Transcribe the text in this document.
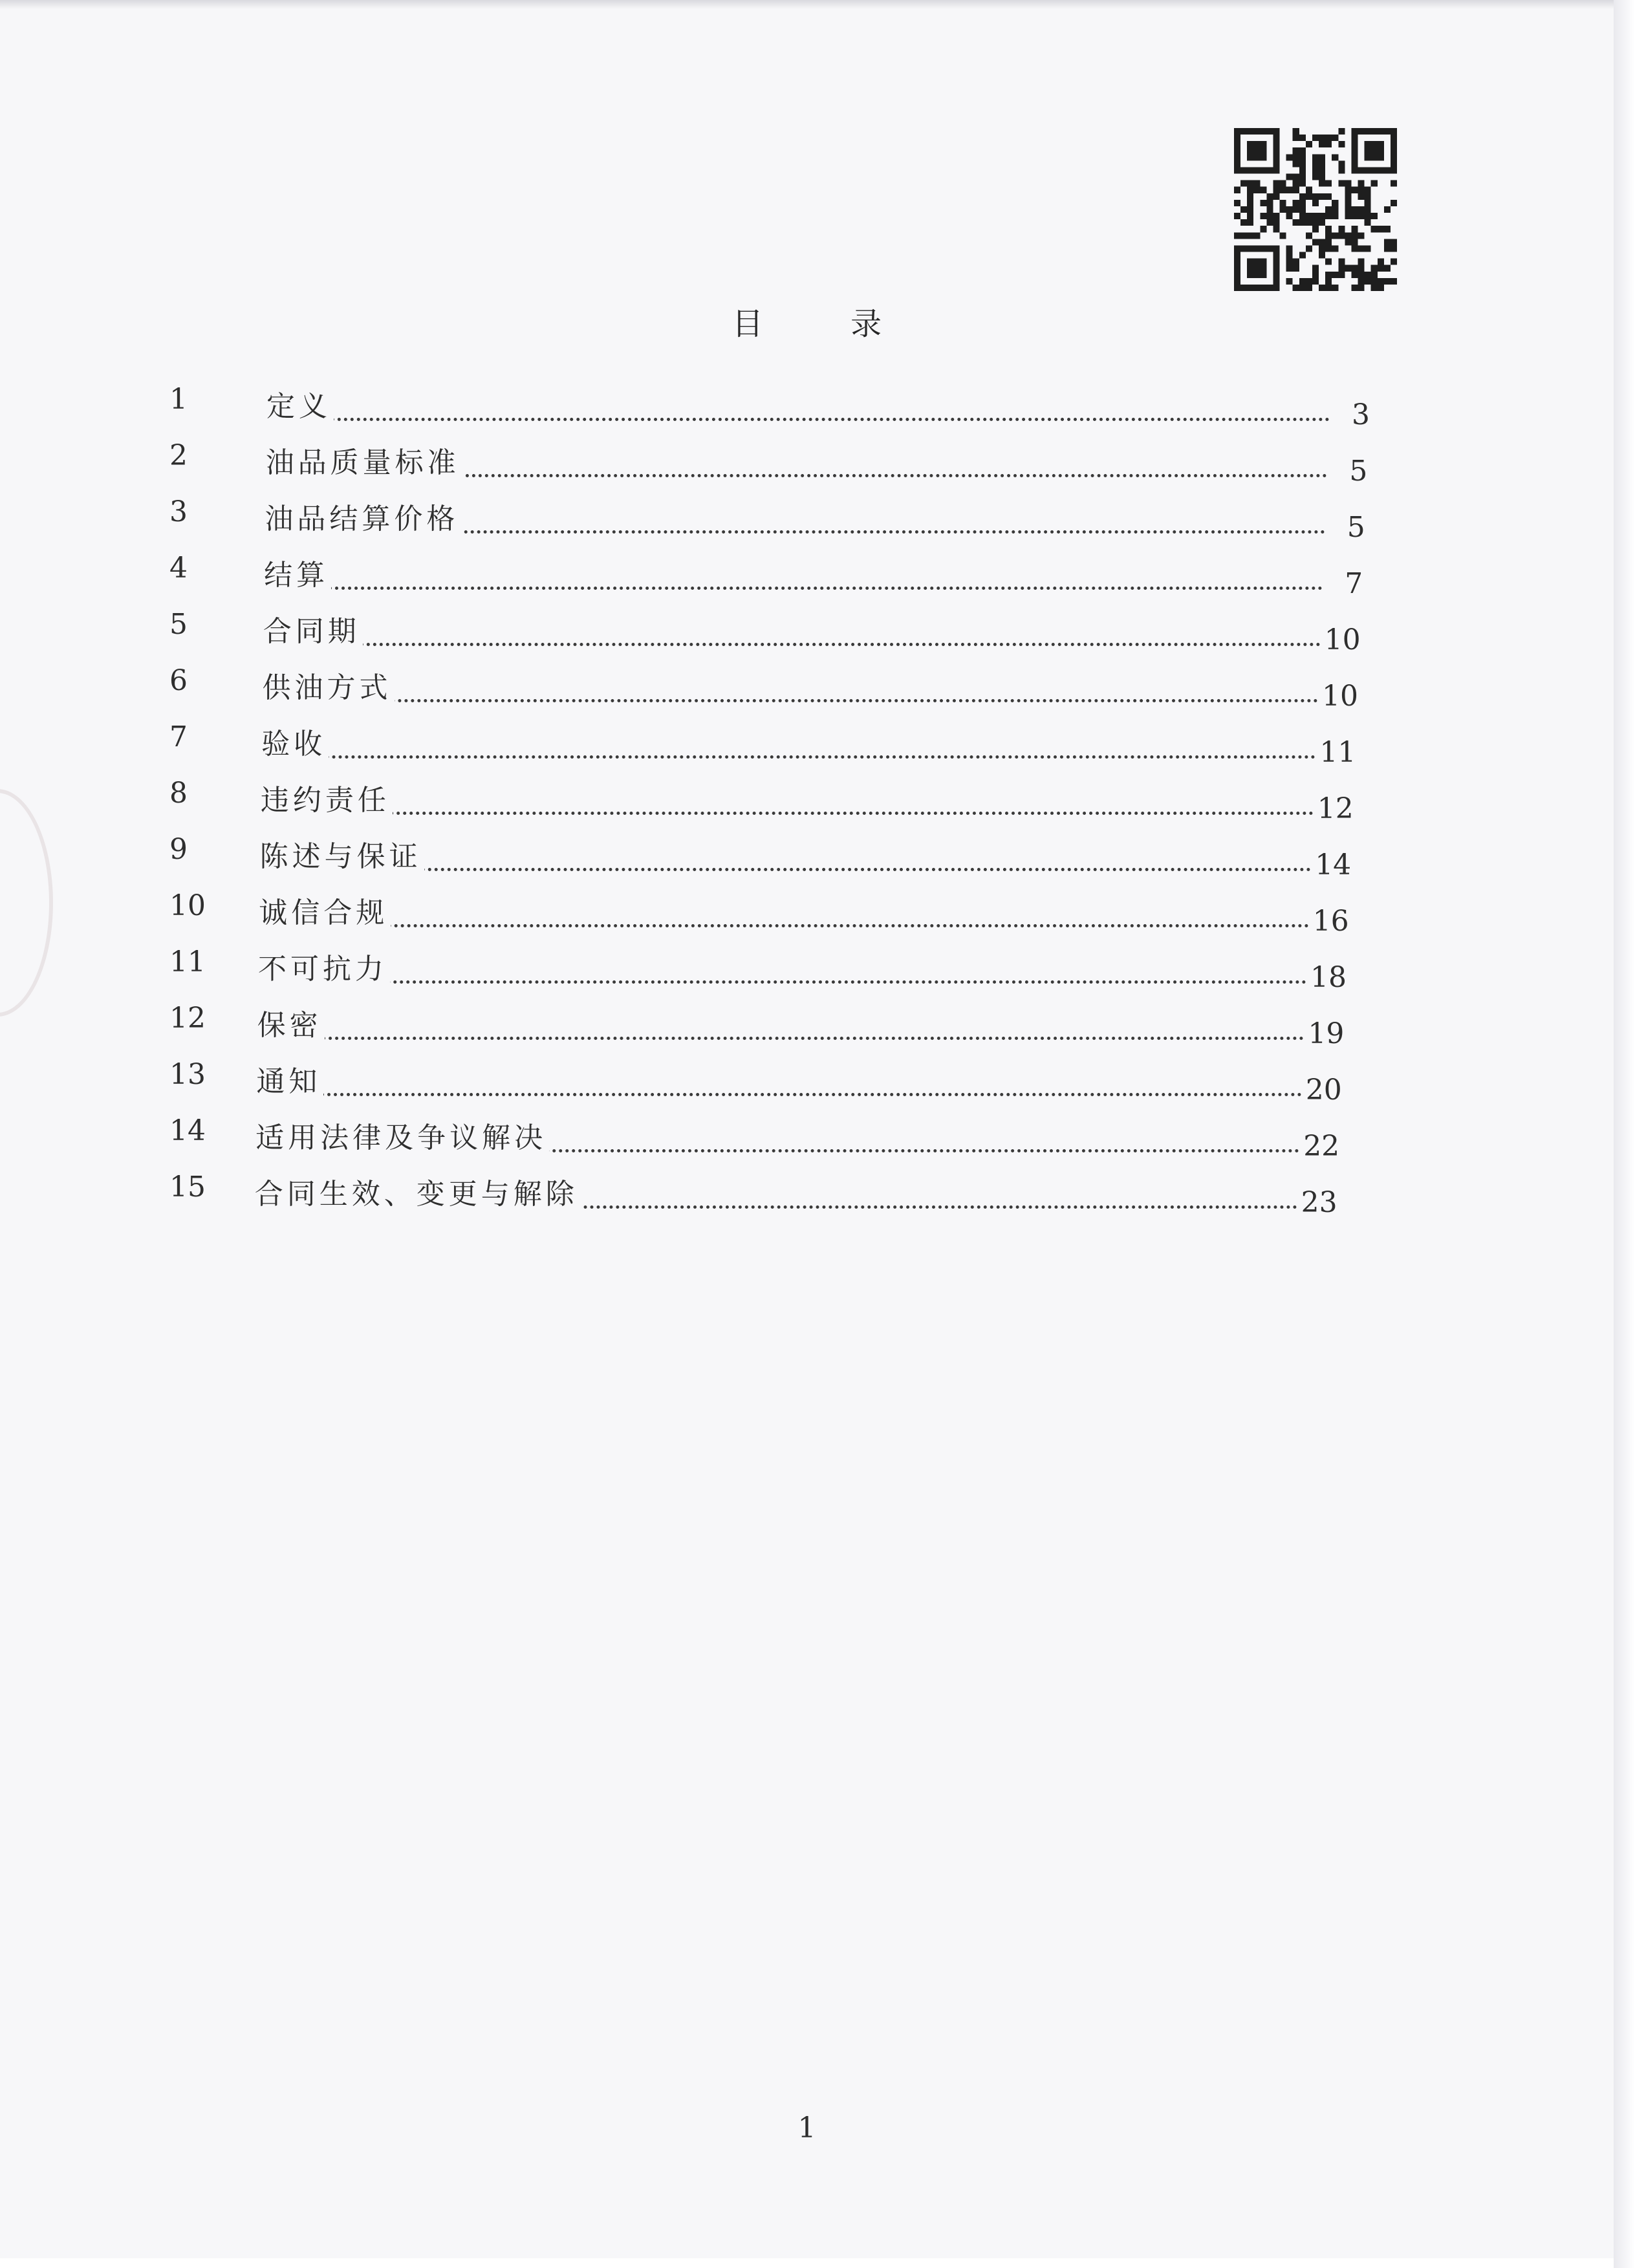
目 录
1	定义	3
2	油品质量标准	5
3	油品结算价格	5
4	结算	7
5	合同期	10
6	供油方式	10
7	验收	11
8	违约责任	12
9	陈述与保证	14
10	诚信合规	16
11	不可抗力	18
12	保密	19
13	通知	20
14	适用法律及争议解决	22
15	合同生效、变更与解除	23
1
